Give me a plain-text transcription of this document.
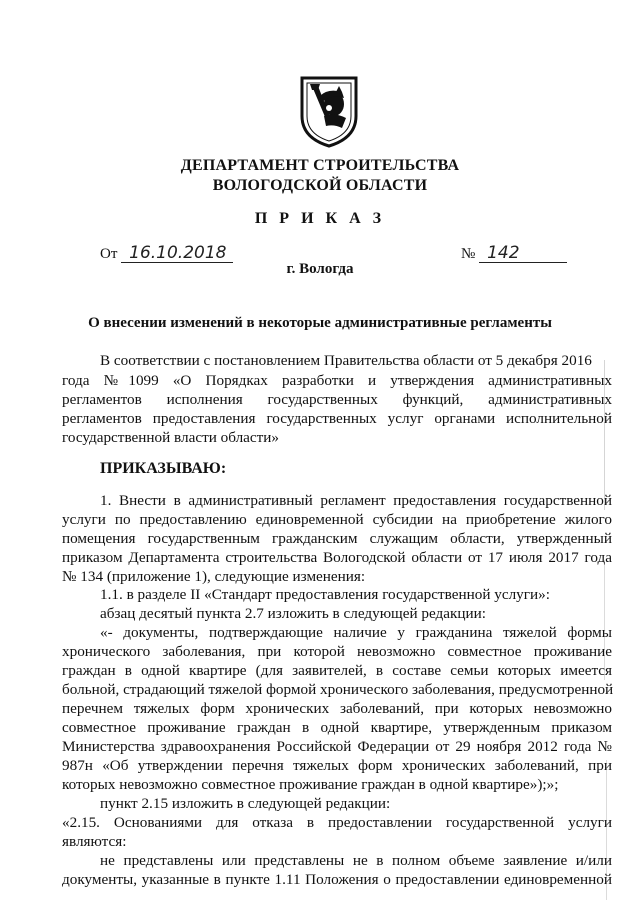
ДЕПАРТАМЕНТ СТРОИТЕЛЬСТВА
ВОЛОГОДСКОЙ ОБЛАСТИ
П Р И К А З
От 16.10.2018	№ 142
г. Вологда
О внесении изменений в некоторые административные регламенты
В соответствии с постановлением Правительства области от 5 декабря 2016
года №1099 «О Порядках разработки и утверждения административных
регламентов исполнения государственных функций, административных
регламентов предоставления государственных услуг органами исполнительной
государственной власти области»
ПРИКАЗЫВАЮ:
1. Внести в административный регламент предоставления государственной
услуги по предоставлению единовременной субсидии на приобретение жилого
помещения государственным гражданским служащим области, утвержденный
приказом Департамента строительства Вологодской области от 17 июля 2017 года
№ 134 (приложение 1), следующие изменения:
1.1. в разделе II «Стандарт предоставления государственной услуги»:
абзац десятый пункта 2.7 изложить в следующей редакции:
«- документы, подтверждающие наличие у гражданина тяжелой формы
хронического заболевания, при которой невозможно совместное проживание
граждан в одной квартире (для заявителей, в составе семьи которых имеется
больной, страдающий тяжелой формой хронического заболевания, предусмотренной
перечнем тяжелых форм хронических заболеваний, при которых невозможно
совместное проживание граждан в одной квартире, утвержденным приказом
Министерства здравоохранения Российской Федерации от 29 ноября 2012 года №
987н «Об утверждении перечня тяжелых форм хронических заболеваний, при
которых невозможно совместное проживание граждан в одной квартире»);»;
пункт 2.15 изложить в следующей редакции:
«2.15. Основаниями для отказа в предоставлении государственной услуги
являются:
не представлены или представлены не в полном объеме заявление и/или
документы, указанные в пункте 1.11 Положения о предоставлении единовременной
